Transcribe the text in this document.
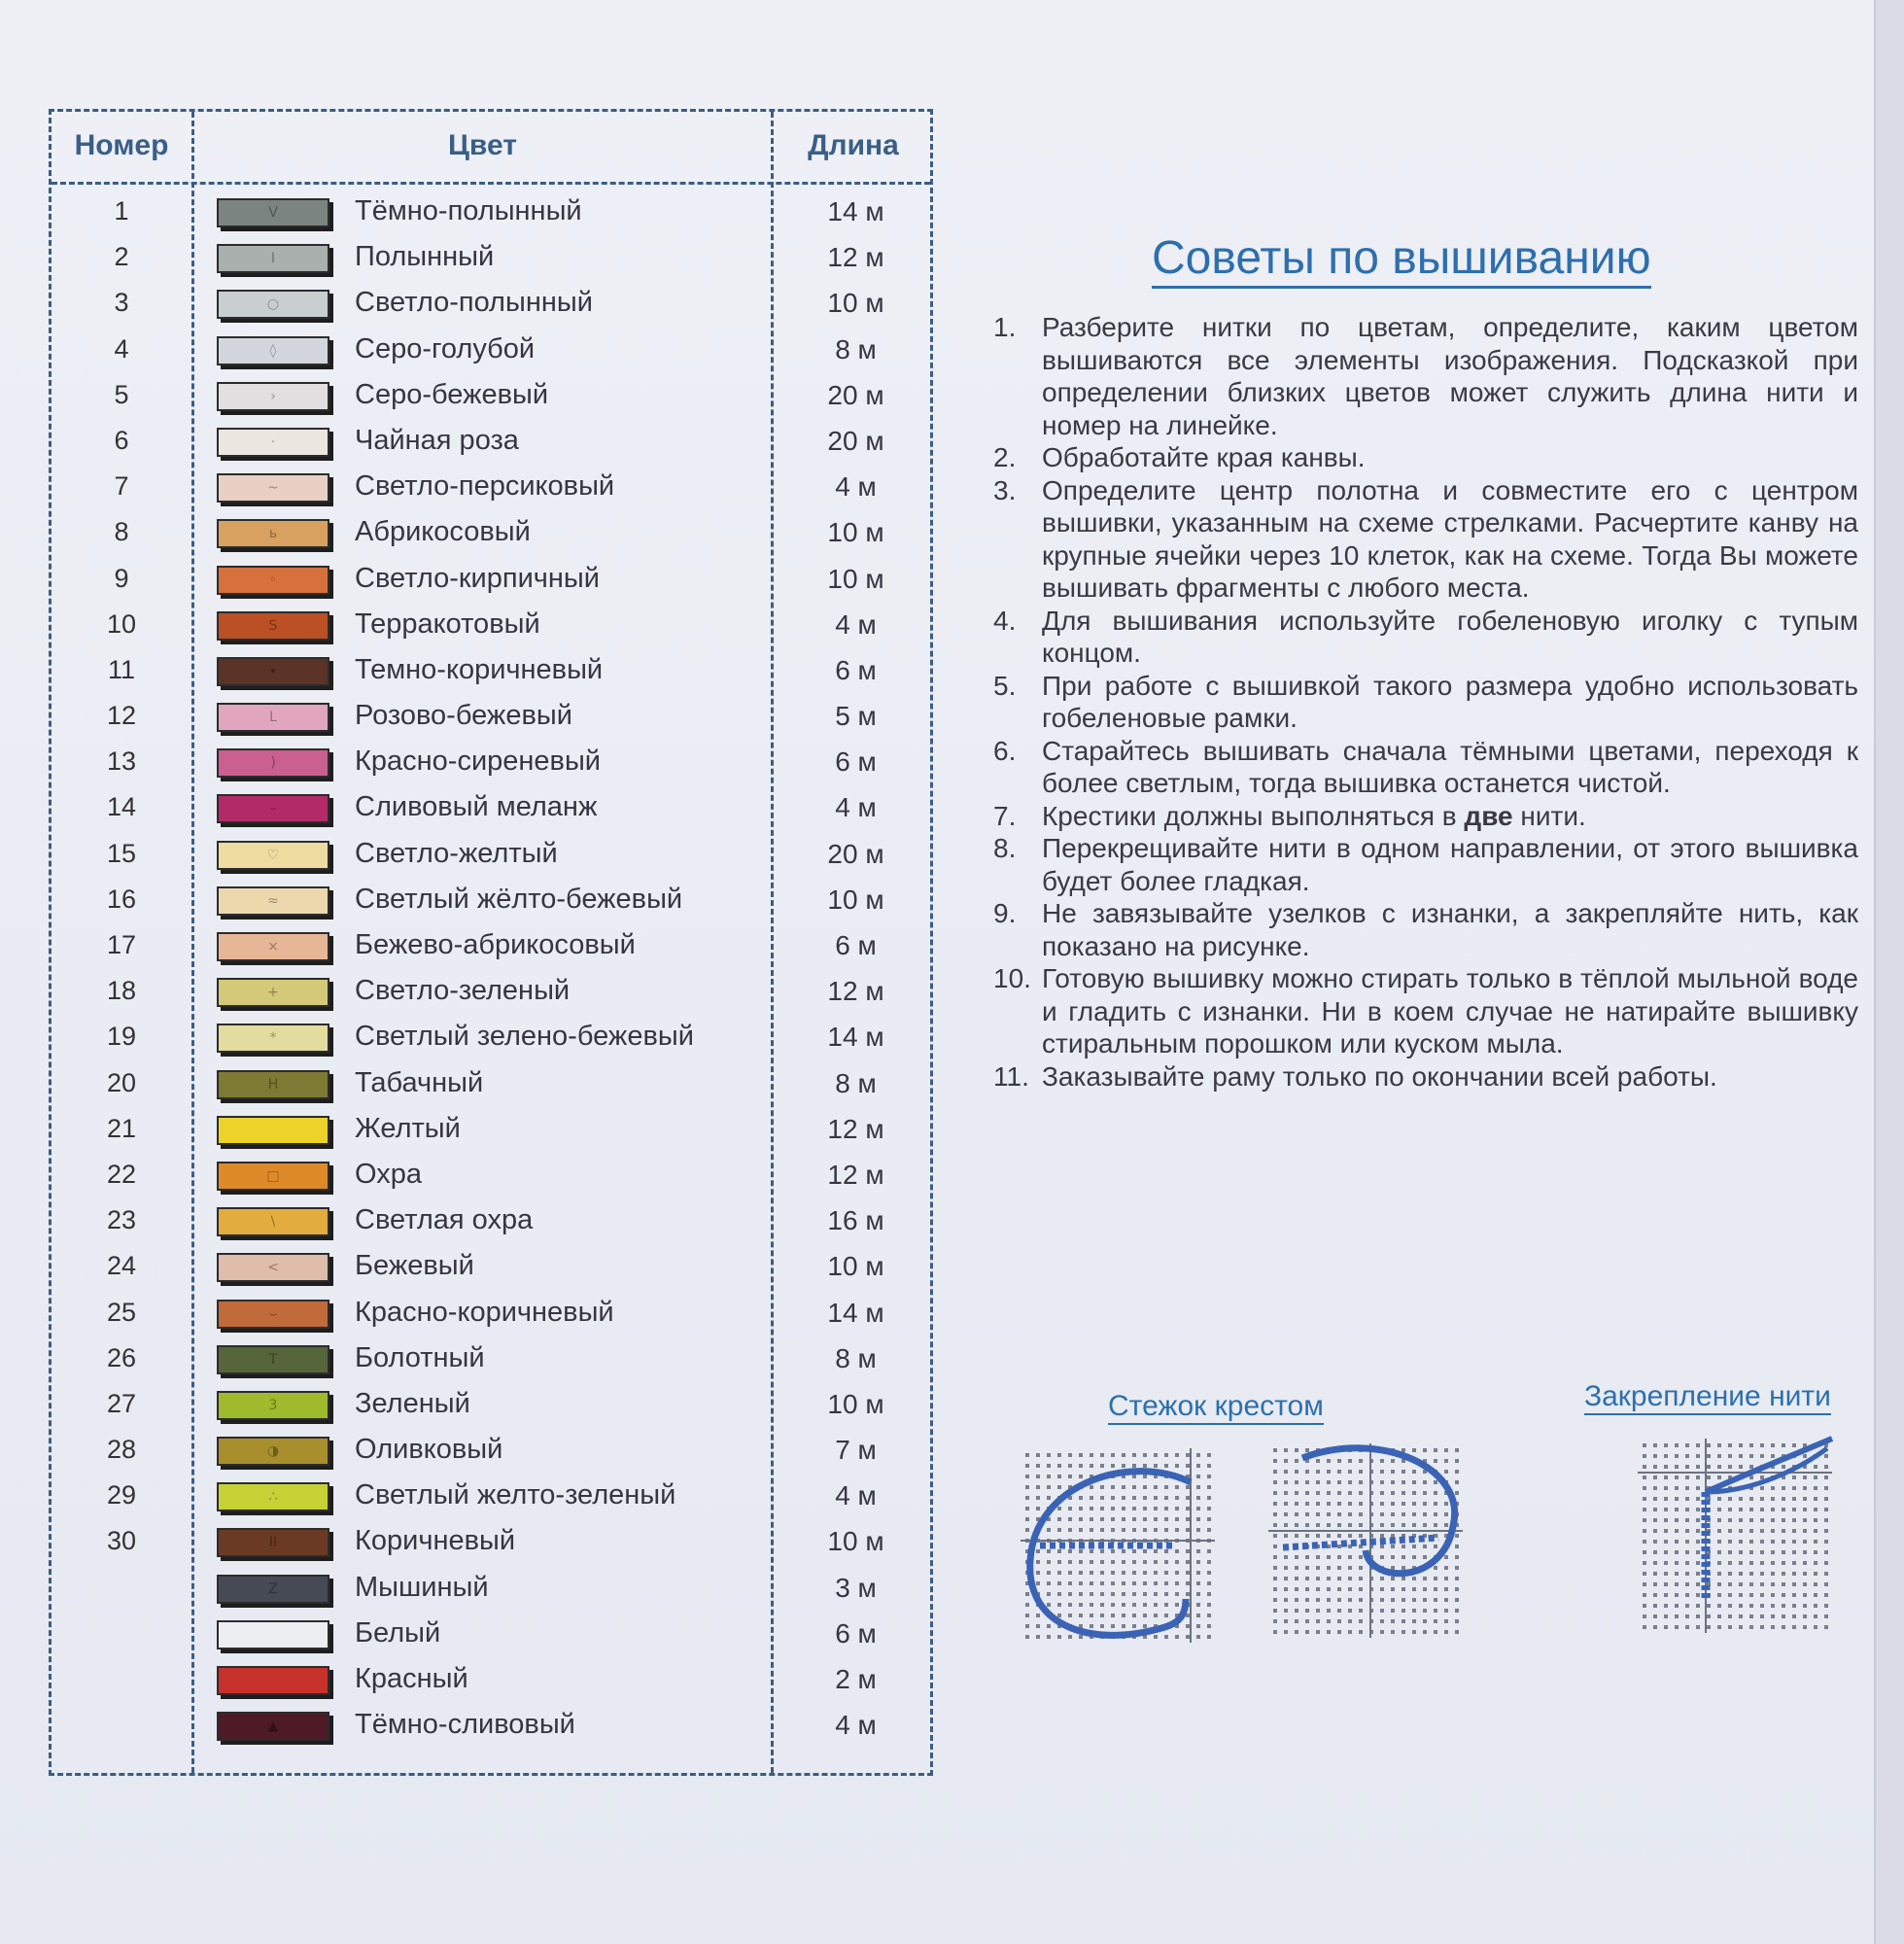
Номер	Цвет	Длина
1	V	Тёмно-полынный	14 м
2	I	Полынный	12 м
3	○	Светло-полынный	10 м
4	◊	Серо-голубой	8 м
5	›	Серо-бежевый	20 м
6	·	Чайная роза	20 м
7	~	Светло-персиковый	4 м
8	ь	Абрикосовый	10 м
9	◦	Светло-кирпичный	10 м
10	S	Терракотовый	4 м
11	•	Темно-коричневый	6 м
12	L	Розово-бежевый	5 м
13	)	Красно-сиреневый	6 м
14	–	Сливовый меланж	4 м
15	♡	Светло-желтый	20 м
16	≈	Светлый жёлто-бежевый	10 м
17	×	Бежево-абрикосовый	6 м
18	+	Светло-зеленый	12 м
19	*	Светлый зелено-бежевый	14 м
20	H	Табачный	8 м
21	Желтый	12 м
22	□	Охра	12 м
23	\	Светлая охра	16 м
24	<	Бежевый	10 м
25	⌣	Красно-коричневый	14 м
26	T	Болотный	8 м
27	3	Зеленый	10 м
28	◑	Оливковый	7 м
29	∴	Светлый желто-зеленый	4 м
30	II	Коричневый	10 м
Z	Мышиный	3 м
Белый	6 м
Красный	2 м
▲	Тёмно-сливовый	4 м
Советы по вышиванию
1. Разберите нитки по цветам, определите, каким цветом вышиваются все элементы изображения. Подсказкой при определении близких цветов может служить длина нити и номер на линейке.
2. Обработайте края канвы.
3. Определите центр полотна и совместите его с центром вышивки, указанным на схеме стрелками. Расчертите канву на крупные ячейки через 10 клеток, как на схеме. Тогда Вы можете вышивать фрагменты с любого места.
4. Для вышивания используйте гобеленовую иголку с тупым концом.
5. При работе с вышивкой такого размера удобно использовать гобеленовые рамки.
6. Старайтесь вышивать сначала тёмными цветами, переходя к более светлым, тогда вышивка останется чистой.
7. Крестики должны выполняться в две нити.
8. Перекрещивайте нити в одном направлении, от этого вышивка будет более гладкая.
9. Не завязывайте узелков с изнанки, а закрепляйте нить, как показано на рисунке.
10. Готовую вышивку можно стирать только в тёплой мыльной воде и гладить с изнанки. Ни в коем случае не натирайте вышивку стиральным порошком или куском мыла.
11. Заказывайте раму только по окончании всей работы.
Стежок крестом	Закрепление нити
